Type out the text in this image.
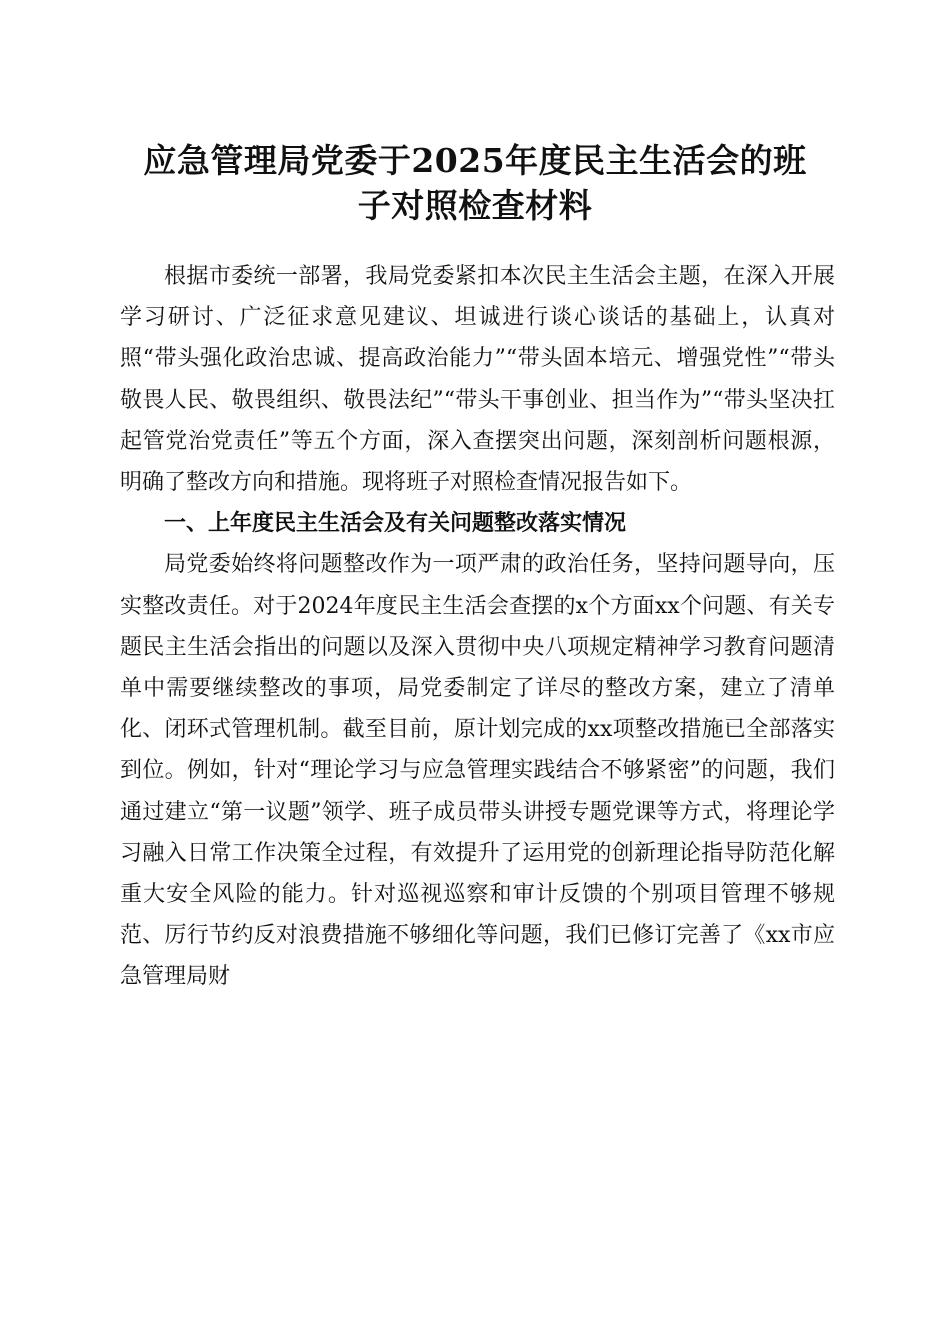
应急管理局党委于2025年度民主生活会的班
子对照检查材料

根据市委统一部署，我局党委紧扣本次民主生活会主题，在深入开展学习研讨、广泛征求意见建议、坦诚进行谈心谈话的基础上，认真对照“带头强化政治忠诚、提高政治能力”“带头固本培元、增强党性”“带头敬畏人民、敬畏组织、敬畏法纪”“带头干事创业、担当作为”“带头坚决扛起管党治党责任”等五个方面，深入查摆突出问题，深刻剖析问题根源，明确了整改方向和措施。现将班子对照检查情况报告如下。

一、上年度民主生活会及有关问题整改落实情况

局党委始终将问题整改作为一项严肃的政治任务，坚持问题导向，压实整改责任。对于2024年度民主生活会查摆的x个方面xx个问题、有关专题民主生活会指出的问题以及深入贯彻中央八项规定精神学习教育问题清单中需要继续整改的事项，局党委制定了详尽的整改方案，建立了清单化、闭环式管理机制。截至目前，原计划完成的xx项整改措施已全部落实到位。例如，针对“理论学习与应急管理实践结合不够紧密”的问题，我们通过建立“第一议题”领学、班子成员带头讲授专题党课等方式，将理论学习融入日常工作决策全过程，有效提升了运用党的创新理论指导防范化解重大安全风险的能力。针对巡视巡察和审计反馈的个别项目管理不够规范、厉行节约反对浪费措施不够细化等问题，我们已修订完善了《xx市应急管理局财
